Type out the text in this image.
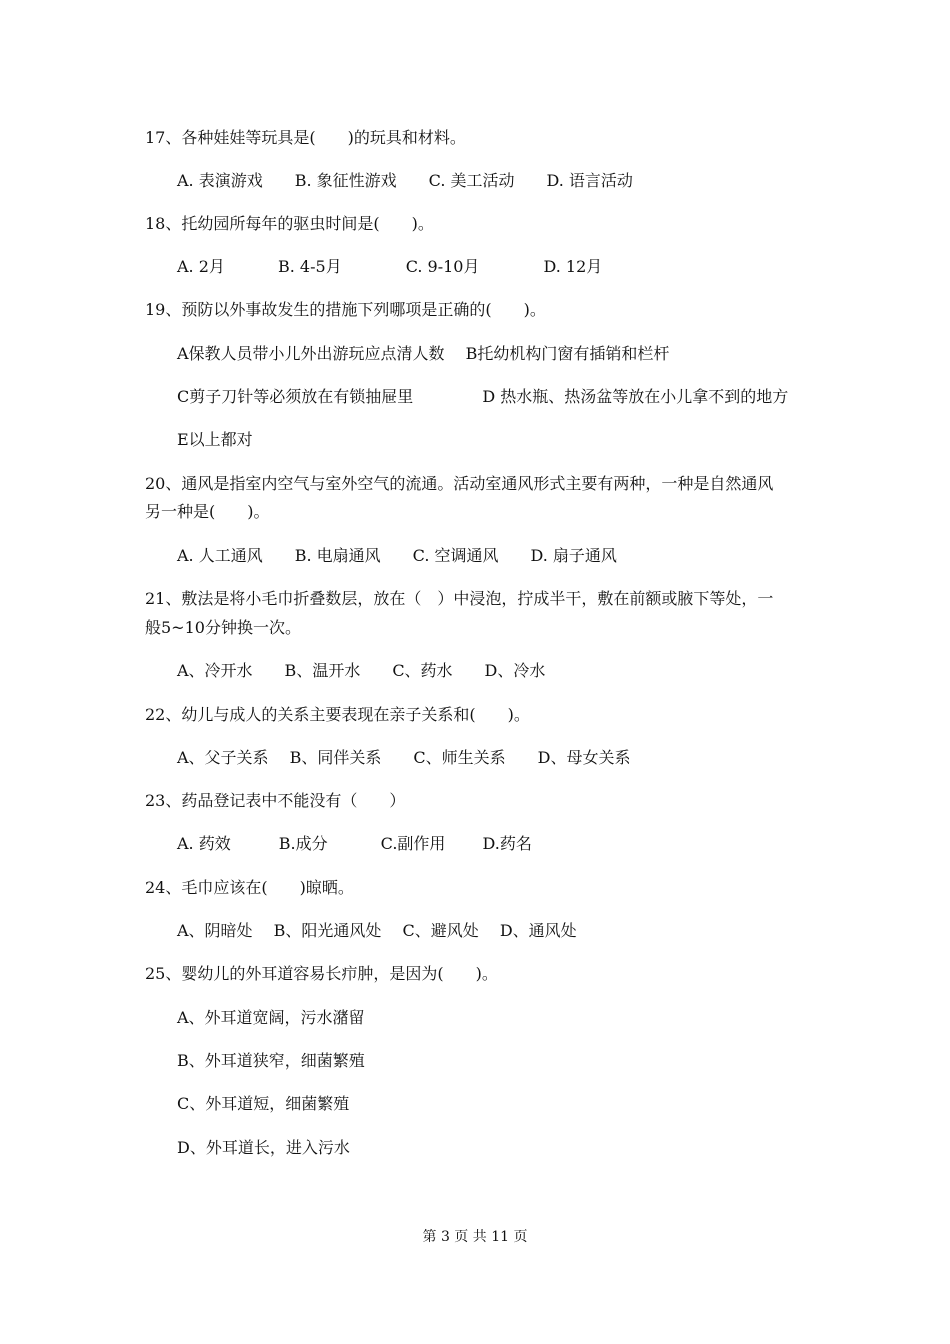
17、各种娃娃等玩具是(　　)的玩具和材料。
A. 表演游戏　　B. 象征性游戏　　C. 美工活动　　D. 语言活动
18、托幼园所每年的驱虫时间是(　　)。
A. 2月　　　 B. 4-5月　　　　C. 9-10月　　　　D. 12月
19、预防以外事故发生的措施下列哪项是正确的(　　)。
A保教人员带小儿外出游玩应点清人数　 B托幼机构门窗有插销和栏杆
C剪子刀针等必须放在有锁抽屉里　　　　 D 热水瓶、热汤盆等放在小儿拿不到的地方
E以上都对
20、通风是指室内空气与室外空气的流通。活动室通风形式主要有两种，一种是自然通风
另一种是(　　)。
A. 人工通风　　B. 电扇通风　　C. 空调通风　　D. 扇子通风
21、敷法是将小毛巾折叠数层，放在（　）中浸泡，拧成半干，敷在前额或腋下等处，一
般5~10分钟换一次。
A、冷开水　　B、温开水　　C、药水　　D、冷水
22、幼儿与成人的关系主要表现在亲子关系和(　　)。
A、父子关系　 B、同伴关系　　C、师生关系　　D、母女关系
23、药品登记表中不能没有（　　）
A. 药效　　　B.成分　　　 C.副作用　　 D.药名
24、毛巾应该在(　　)晾晒。
A、阴暗处　 B、阳光通风处　 C、避风处　 D、通风处
25、婴幼儿的外耳道容易长疖肿，是因为(　　)。
A、外耳道宽阔，污水潴留
B、外耳道狭窄，细菌繁殖
C、外耳道短，细菌繁殖
D、外耳道长，进入污水
第 3 页 共 11 页
